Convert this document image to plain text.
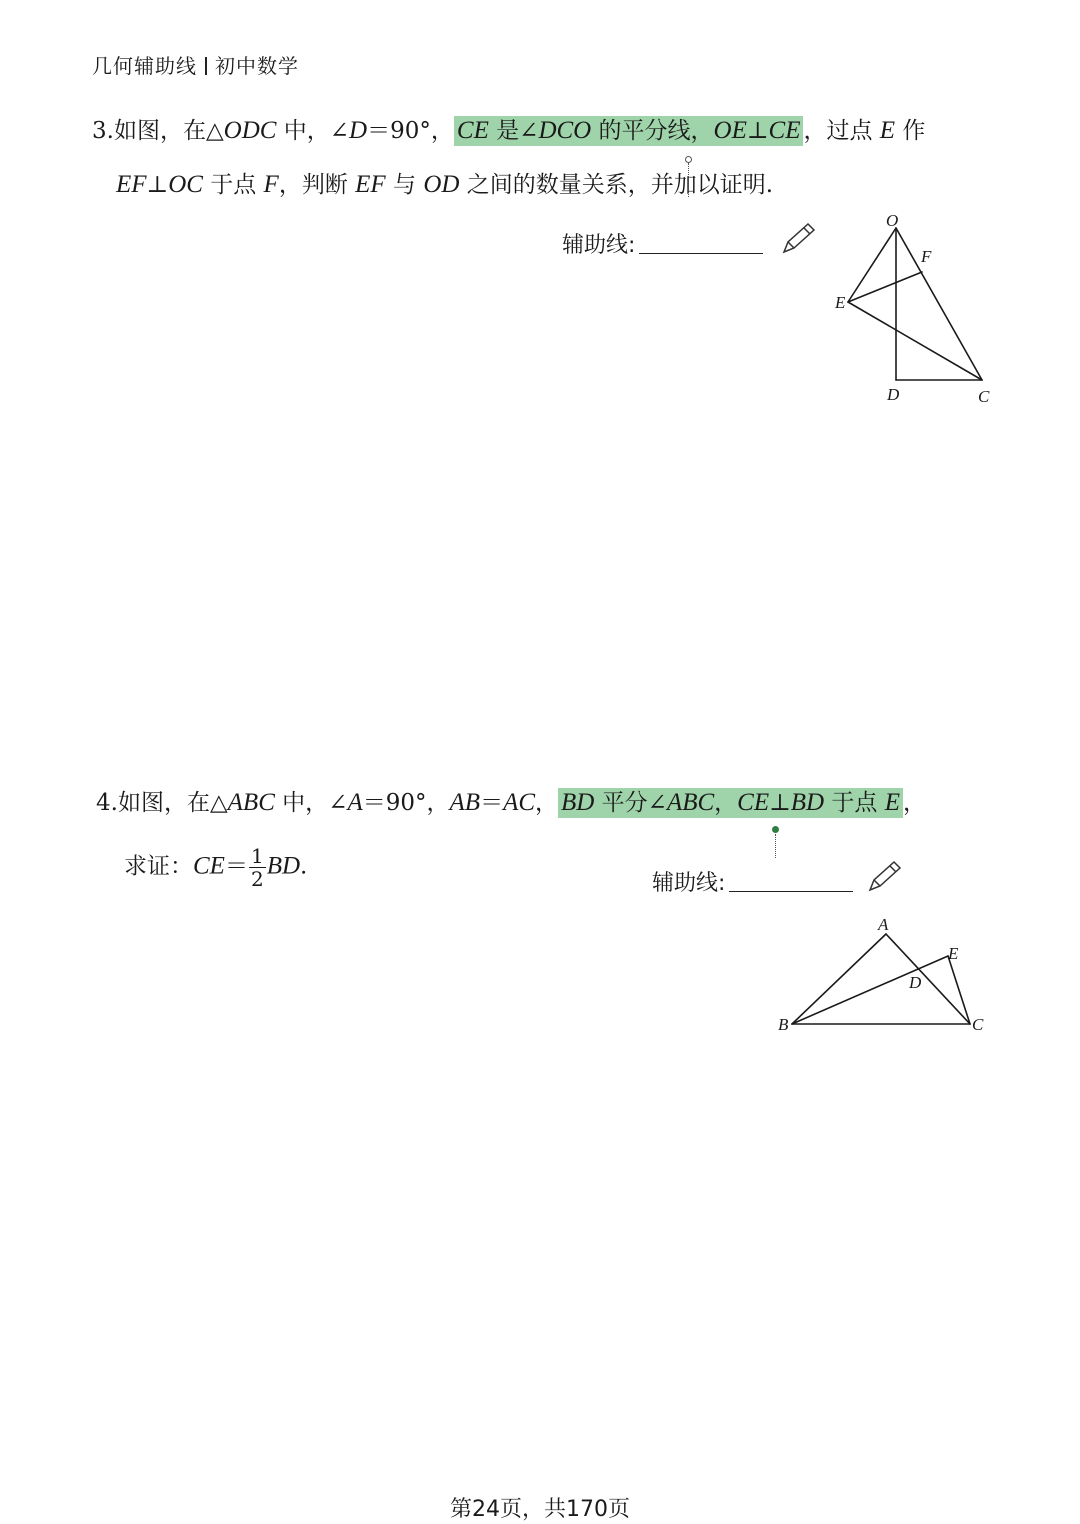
几何辅助线 初中数学
3.如图，在△ODC 中，∠D＝90°， CE 是∠DCO 的平分线，OE⊥CE ，过点 E 作
EF⊥OC 于点 F，判断 EF 与 OD 之间的数量关系，并加以证明.
辅助线:
O
F
E
D	C
4.如图，在△ABC 中，∠A＝90°，AB＝AC， BD 平分∠ABC，CE⊥BD 于点 E ，
求证：$CE= \frac{1}{2}$ BD.
辅助线:
A
E
D
B	C
第24页，共170页
